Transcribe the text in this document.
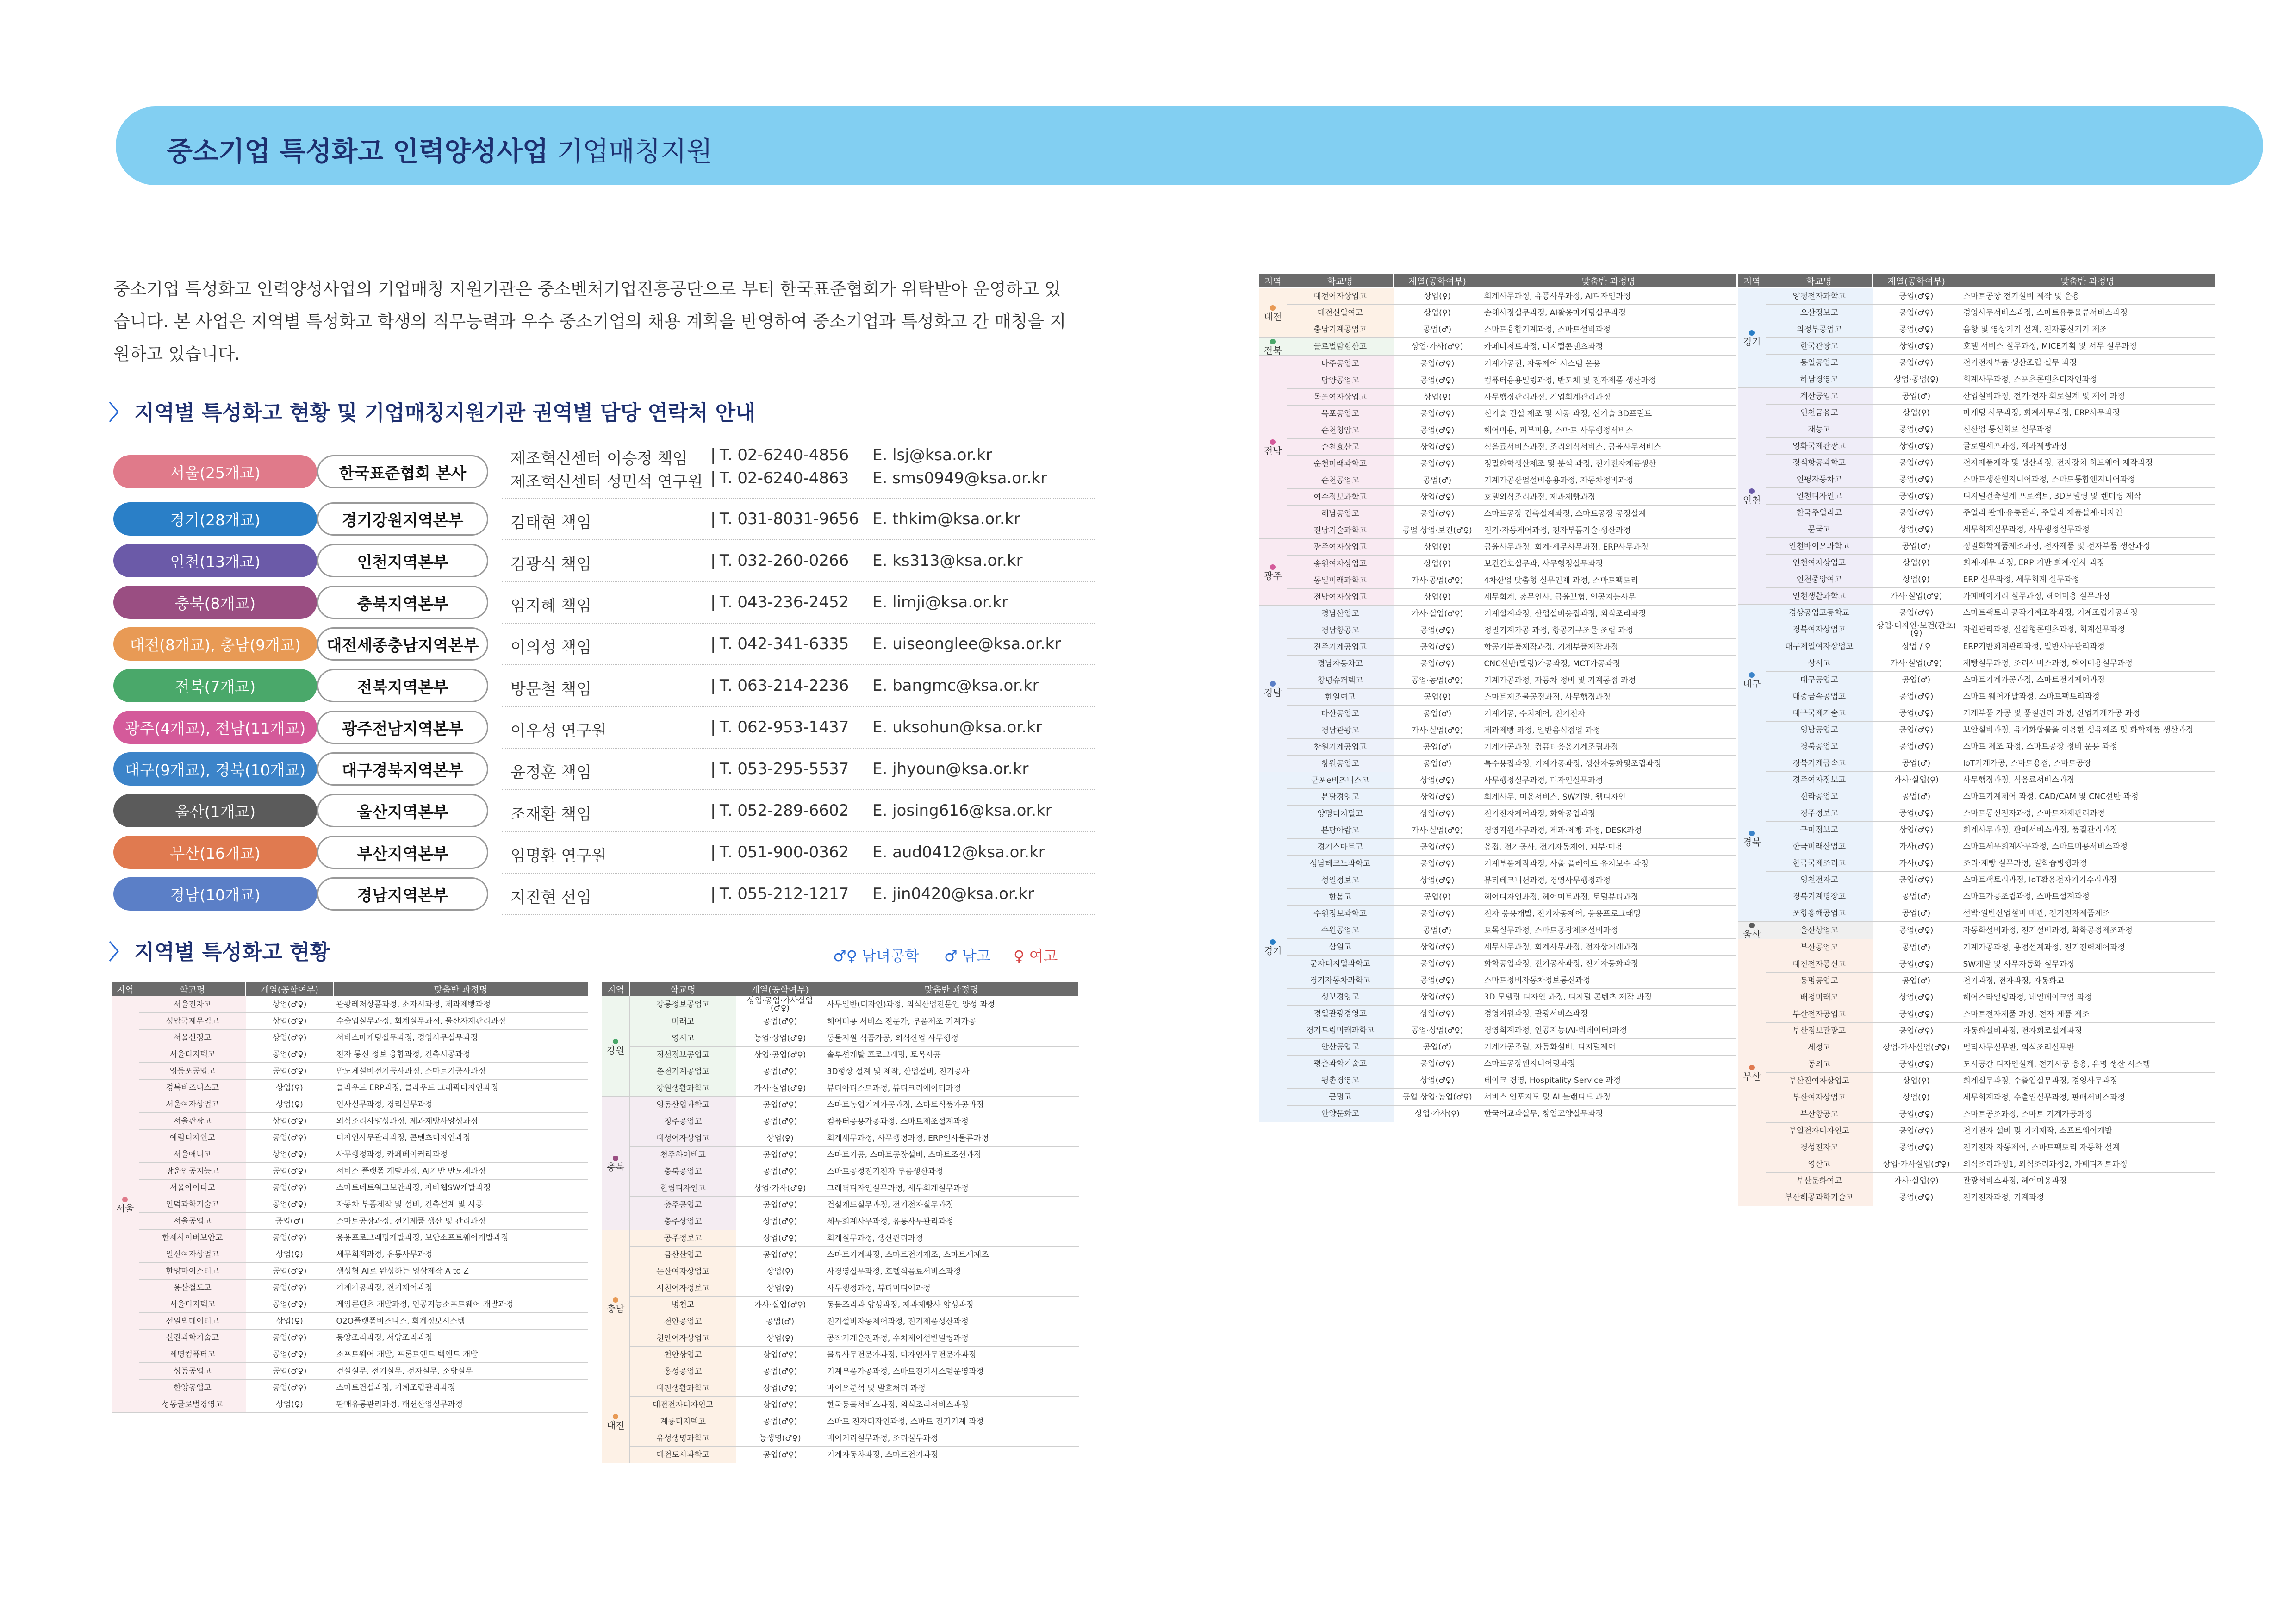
중소기업 특성화고 인력양성사업 기업매칭지원
중소기업 특성화고 인력양성사업의 기업매칭 지원기관은 중소벤처기업진흥공단으로 부터 한국표준협회가 위탁받아 운영하고 있습니다. 본 사업은 지역별 특성화고 학생의 직무능력과 우수 중소기업의 채용 계획을 반영하여 중소기업과 특성화고 간 매칭을 지원하고 있습니다.
〉 지역별 특성화고 현황 및 기업매칭지원기관 권역별 담당 연락처 안내
서울(25개교)	한국표준협회 본사
제조혁신센터 이승정 책임 | T. 02-6240-4856 E. lsj@ksa.or.kr
제조혁신센터 성민석 연구원 | T. 02-6240-4863 E. sms0949@ksa.or.kr
경기(28개교)	경기강원지역본부	김태현 책임	| T. 031-8031-9656 E. thkim@ksa.or.kr
인천(13개교)	인천지역본부	김광식 책임	| T. 032-260-0266 E. ks313@ksa.or.kr
충북(8개교)	충북지역본부	임지혜 책임	| T. 043-236-2452 E. limji@ksa.or.kr
대전(8개교), 충남(9개교)	대전세종충남지역본부	이의성 책임	| T. 042-341-6335 E. uiseonglee@ksa.or.kr
전북(7개교)	전북지역본부	방문철 책임	| T. 063-214-2236 E. bangmc@ksa.or.kr
광주(4개교), 전남(11개교)	광주전남지역본부	이우성 연구원	| T. 062-953-1437 E. uksohun@ksa.or.kr
대구(9개교), 경북(10개교)	대구경북지역본부	윤정훈 책임	| T. 053-295-5537 E. jhyoun@ksa.or.kr
울산(1개교)	울산지역본부	조재환 책임	| T. 052-289-6602 E. josing616@ksa.or.kr
부산(16개교)	부산지역본부	임명환 연구원	| T. 051-900-0362 E. aud0412@ksa.or.kr
경남(10개교)	경남지역본부	지진현 선임	| T. 055-212-1217 E. jin0420@ksa.or.kr
〉 지역별 특성화고 현황	♂♀ 남녀공학 ♂ 남고 ♀ 여고
지역	학교명	계열(공학여부)	맞춤반 과정명

서울	서울전자고	상업(♂♀)	관광레저상품과정, 소자시과정, 제과제빵과정
	성암국제무역고	상업(♂♀)	수출입실무과정, 회계실무과정, 물산자재관리과정
	서울신정고	상업(♂♀)	서비스마케팅실무과정, 경영사무실무과정
	서울디지텍고	공업(♂♀)	전자 통신 정보 융합과정, 건축시공과정
	영등포공업고	공업(♂♀)	반도체설비전기공사과정, 스마트기공사과정
	경복비즈니스고	상업(♀)	클라우드 ERP과정, 클라우드 그래픽디자인과정
	서울여자상업고	상업(♀)	인사실무과정, 경리실무과정
	서울관광고	상업(♂♀)	외식조리사양성과정, 제과제빵사양성과정
	예림디자인고	공업(♂♀)	디자인사무관리과정, 콘텐츠디자인과정
	서울애니고	상업(♂♀)	사무행정과정, 카페베이커리과정
	광운인공지능고	공업(♂♀)	서비스 플랫폼 개발과정, AI기반 반도체과정
	서울아이티고	공업(♂♀)	스마트네트워크보안과정, 자바웹SW개발과정
	인덕과학기술고	공업(♂♀)	자동차 부품제작 및 설비, 건축설계 및 시공
	서울공업고	공업(♂)	스마트공장과정, 전기제품 생산 및 관리과정
	한세사이버보안고	공업(♂♀)	응용프로그래밍개발과정, 보안소프트웨어개발과정
	일신여자상업고	상업(♀)	세무회계과정, 유통사무과정
	한양마이스터고	공업(♂♀)	생성형 AI로 완성하는 영상제작 A to Z
	용산철도고	공업(♂♀)	기계가공과정, 전기제어과정
	서울디지텍고	공업(♂♀)	게임콘텐츠 개발과정, 인공지능소프트웨어 개발과정
	선일빅데이터고	상업(♀)	O2O플랫폼비즈니스, 회계정보시스템
	신진과학기술고	공업(♂♀)	동양조리과정, 서양조리과정
	세명컴퓨터고	공업(♂♀)	소프트웨어 개발, 프론트엔드 백엔드 개발
	성동공업고	공업(♂♀)	건설실무, 전기실무, 전자실무, 소방실무
	한양공업고	공업(♂♀)	스마트건설과정, 기계조립관리과정
	성동글로벌경영고	상업(♀)	판매유통관리과정, 패션산업실무과정
지역	학교명	계열(공학여부)	맞춤반 과정명

강원	강릉정보공업고	상업·공업·가사실업(♂♀)	사무일반(디자인)과정, 외식산업전문인 양성 과정
	미래고	공업(♂♀)	헤어미용 서비스 전문가, 부품제조 기계가공
	영서고	농업·상업(♂♀)	동물지원 식품가공, 외식산업 사무행정
	정선정보공업고	상업·공업(♂♀)	솔루션개발 프로그래밍, 토목시공
	춘천기계공업고	공업(♂♀)	3D형상 설계 및 제작, 산업설비, 전기공사
	강원생활과학고	가사·실업(♂♀)	뷰티아티스트과정, 뷰티크리에이터과정

충북	영동산업과학고	공업(♂♀)	스마트농업기계가공과정, 스마트식품가공과정
	청주공업고	공업(♂♀)	컴퓨터응용가공과정, 스마트제조설계과정
	대성여자상업고	상업(♀)	회계세무과정, 사무행정과정, ERP인사물류과정
	청주하이텍고	공업(♂♀)	스마트기공, 스마트공장설비, 스마트조선과정
	충북공업고	공업(♂♀)	스마트공정전기전자 부품생산과정
	한림디자인고	상업·가사(♂♀)	그래픽디자인실무과정, 세무회계실무과정
	충주공업고	공업(♂♀)	건설계드실무과정, 전기전자실무과정
	충주상업고	상업(♂♀)	세무회계사무과정, 유통사무관리과정

충남	공주정보고	상업(♂♀)	회계실무과정, 생산관리과정
	금산산업고	공업(♂♀)	스마트기계과정, 스마트전기제조, 스마트새제조
	논산여자상업고	상업(♀)	사경영실무과정, 호텔식음료서비스과정
	서천여자정보고	상업(♀)	사무행정과정, 뷰티미디어과정
	병천고	가사·실업(♂♀)	동물조리과 양성과정, 제과제빵사 양성과정
	천안공업고	공업(♂)	전기설비자동제어과정, 전기제품생산과정
	천안여자상업고	상업(♀)	공작기계운전과정, 수치제어선반밀링과정
	천안상업고	상업(♂♀)	물류사무전문가과정, 디자인사무전문가과정
	홍성공업고	공업(♂♀)	기계부품가공과정, 스마트전기시스템운영과정

대전	대전생활과학고	상업(♂♀)	바이오분석 및 발효처리 과정
	대전전자디자인고	상업(♂♀)	한국동물서비스과정, 외식조리서비스과정
	계룡디지텍고	공업(♂♀)	스마트 전자디자인과정, 스마트 전기기계 과정
	유성생명과학고	농생명(♂♀)	베이커리실무과정, 조리실무과정
	대전도시과학고	공업(♂♀)	기계자동차과정, 스마트전기과정
지역	학교명	계열(공학여부)	맞춤반 과정명

대전	대전여자상업고	상업(♀)	회계사무과정, 유통사무과정, AI디자인과정
	대전신일여고	상업(♀)	손해사정실무과정, AI활용마케팅실무과정
	충남기계공업고	공업(♂)	스마트융합기계과정, 스마트설비과정

전북	글로벌탐험산고	상업·가사(♂♀)	카페디저트과정, 디지털콘텐츠과정

전남	나주공업고	공업(♂♀)	기계가공전, 자동제어 시스템 운용
	담양공업고	공업(♂♀)	컴퓨터응용밀링과정, 반도체 및 전자제품 생산과정
	목포여자상업고	상업(♀)	사무행정관리과정, 기업회계관리과정
	목포공업고	공업(♂♀)	신기술 건설 제조 및 시공 과정, 신기술 3D프린트
	순천청암고	공업(♂♀)	헤어미용, 피부미용, 스마트 사무행정서비스
	순천효산고	상업(♂♀)	식음료서비스과정, 조리외식서비스, 금융사무서비스
	순천미래과학고	공업(♂♀)	정밀화학생산제조 및 분석 과정, 전기전자제품생산
	순천공업고	공업(♂)	기계가공산업설비응용과정, 자동차정비과정
	여수정보과학고	상업(♂♀)	호텔외식조리과정, 제과제빵과정
	해남공업고	공업(♂♀)	스마트공장 건축설계과정, 스마트공장 공정설계
	전남기술과학고	공업·상업·보건(♂♀)	전기·자동제어과정, 전자부품기술·생산과정

광주	광주여자상업고	상업(♀)	금융사무과정, 회계·세무사무과정, ERP사무과정
	송원여자상업고	상업(♀)	보건간호실무과, 사무행정실무과정
	동일미래과학고	가사·공업(♂♀)	4차산업 맞춤형 실무인재 과정, 스마트팩토리
	전남여자상업고	상업(♀)	세무회계, 총무인사, 금융보험, 인공지능사무

경남	경남산업고	가사·실업(♂♀)	기계설계과정, 산업설비응접과정, 외식조리과정
	경남항공고	공업(♂♀)	정밀기계가공 과정, 항공기구조물 조립 과정
	진주기계공업고	공업(♂♀)	항공기부품제작과정, 기계부품제작과정
	경남자동차고	공업(♂♀)	CNC선반(밀링)가공과정, MCT가공과정
	창녕슈퍼텍고	공업·농업(♂♀)	기계가공과정, 자동차 정비 및 기계동점 과정
	한일여고	공업(♀)	스마트제조물공정과정, 사무행정과정
	마산공업고	공업(♂)	기계기공, 수치제어, 전기전자
	경남관광고	가사·실업(♂♀)	제과제빵 과정, 일반음식점업 과정
	창원기계공업고	공업(♂)	기계가공과정, 컴퓨터응용기계조립과정
	창원공업고	공업(♂)	특수용접과정, 기계가공과정, 생산자동화및조립과정

경기	군포e비즈니스고	상업(♂♀)	사무행정실무과정, 디자인실무과정
	분당경영고	상업(♂♀)	회계사무, 미용서비스, SW개발, 웹디자인
	양명디지털고	상업(♂♀)	전기전자제어과정, 화학공업과정
	분당아람고	가사·실업(♂♀)	경영지원사무과정, 제과·제빵 과정, DESK과정
	경기스마트고	공업(♂♀)	용접, 전기공사, 전기자동제어, 피부·미용
	성남테크노과학고	공업(♂♀)	기계부품제작과정, 사출 플레이트 유지보수 과정
	성일정보고	상업(♂♀)	뷰티테크니션과정, 경영사무행정과정
	한봄고	공업(♀)	헤어디자인과정, 헤어미트과정, 토털뷰티과정
	수원정보과학고	공업(♂♀)	전자 응용개발, 전기자동제어, 응용프로그래밍
	수원공업고	공업(♂)	토목실무과정, 스마트공장제조설비과정
	삼일고	상업(♂♀)	세무사무과정, 회계사무과정, 전자상거래과정
	군자디지털과학고	공업(♂♀)	화학공업과정, 전기공사과정, 전기자동화과정
	경기자동차과학고	공업(♂♀)	스마트정비자동차정보통신과정
	성보경영고	상업(♂♀)	3D 모델링 디자인 과정, 디지털 콘텐츠 제작 과정
	경일관광경영고	상업(♂♀)	경영지원과정, 관광서비스과정
	경기드림미래과학고	공업·상업(♂♀)	경영회계과정, 인공지능(AI·빅데이터)과정
	안산공업고	공업(♂)	기계가공조립, 자동화설비, 디지털제어
	평촌과학기술고	공업(♂♀)	스마트공장엔지니어링과정
	평촌경영고	상업(♂♀)	테이크 경영, Hospitality Service 과정
	근명고	공업·상업·농업(♂♀)	서비스 인포지도 및 AI 블랜디드 과정
	안양문화고	상업·가사(♀)	한국어교과실무, 창업교양실무과정
지역	학교명	계열(공학여부)	맞춤반 과정명

경기	양평전자과학고	공업(♂♀)	스마트공장 전기설비 제작 및 운용
	오산정보고	공업(♂♀)	경영사무서비스과정, 스마트유통물류서비스과정
	의정부공업고	공업(♂♀)	음향 및 영상기기 설계, 전자통신기기 제조
	한국관광고	상업(♂♀)	호텔 서비스 실무과정, MICE기획 및 서무 실무과정
	동일공업고	공업(♂♀)	전기전자부품 생산조립 실무 과정
	하남경영고	상업·공업(♀)	회계사무과정, 스포츠콘텐츠디자인과정

인천	계산공업고	공업(♂)	산업설비과정, 전기·전자 회로설계 및 제어 과정
	인천금융고	상업(♀)	마케팅 사무과정, 회계사무과정, ERP사무과정
	재능고	공업(♂♀)	신산업 통신회로 실무과정
	영화국제관광고	상업(♂♀)	글로벌세프과정, 제과제빵과정
	정석항공과학고	공업(♂♀)	전자제품제작 및 생산과정, 전자장치 하드웨어 제작과정
	인평자동차고	공업(♂♀)	스마트생산엔지니어과정, 스마트통합엔지니어과정
	인천디자인고	공업(♂♀)	디지털건축설계 프로젝트, 3D모델링 및 렌더링 제작
	한국주얼리고	공업(♂♀)	주얼리 판매·유통관리, 주얼리 제품설계·디자인
	문국고	상업(♂♀)	세무회계실무과정, 사무행정실무과정
	인천바이오과학고	공업(♂)	정밀화학제품제조과정, 전자제품 및 전자부품 생산과정
	인천여자상업고	상업(♀)	회계·세무 과정, ERP 기반 회계·인사 과정
	인천중앙여고	상업(♀)	ERP 실무과정, 세무회계 실무과정
	인천생활과학고	가사·실업(♂♀)	카페베이커리 실무과정, 헤어미용 실무과정

대구	경상공업고등학교	공업(♂♀)	스마트팩토리 공작기계조작과정, 기계조립가공과정
	경북여자상업고	상업·디자인·보건(간호)(♀)	자원관리과정, 실감형콘텐츠과정, 회계실무과정
	대구제일여자상업고	상업 / ♀	ERP기반회계관리과정, 일반사무관리과정
	상서고	가사·실업(♂♀)	제빵실무과정, 조리서비스과정, 헤어미용실무과정
	대구공업고	공업(♂)	스마트기계가공과정, 스마트전기제어과정
	대중금속공업고	공업(♂♀)	스마트 웨어개발과정, 스마트팩토리과정
	대구국제기술고	공업(♂♀)	기계부품 가공 및 품질관리 과정, 산업기계가공 과정
	영남공업고	공업(♂♀)	보안설비과정, 유기화합물을 이용한 섬유제조 및 화학제품 생산과정
	경북공업고	공업(♂♀)	스마트 제조 과정, 스마트공장 정비 운용 과정

경북	경북기계금속고	공업(♂)	IoT기계가공, 스마트용접, 스마트공장
	경주여자정보고	가사·실업(♀)	사무행정과정, 식음료서비스과정
	신라공업고	공업(♂)	스마트기계제어 과정, CAD/CAM 및 CNC선반 과정
	경주정보고	공업(♂♀)	스마트통신전자과정, 스마트자재관리과정
	구미정보고	상업(♂♀)	회계사무과정, 판매서비스과정, 품질관리과정
	한국미래산업고	가사(♂♀)	스마트세무회계사무과정, 스마트미용서비스과정
	한국국제조리고	가사(♂♀)	조리·제빵 실무과정, 일학습병행과정
	영천전자고	공업(♂♀)	스마트팩토리과정, IoT활용전자기기수리과정
	경북기계명장고	공업(♂)	스마트가공조립과정, 스마트설계과정
	포항흥해공업고	공업(♂)	선박·일반산업설비 배관, 전기전자제품제조

울산	울산상업고	공업(♂♀)	자동화설비과정, 전기설비과정, 화학공정제조과정

부산	부산공업고	공업(♂)	기계가공과정, 용접설계과정, 전기전력제어과정
	대진전자통신고	공업(♂♀)	SW개발 및 사무자동화 실무과정
	동명공업고	공업(♂)	전기과정, 전자과정, 자동화교
	배정미래고	상업(♂♀)	헤어스타일링과정, 네일메이크업 과정
	부산전자공업고	공업(♂♀)	스마트전자제품 과정, 전자 제품 제조
	부산정보관광고	공업(♂♀)	자동화설비과정, 전자회로설계과정
	세정고	상업·가사실업(♂♀)	멀티사무실무반, 외식조리실무반
	동의고	공업(♂♀)	도시공간 디자인설계, 전기시공 응용, 유명 생산 시스템
	부산진여자상업고	상업(♀)	회계실무과정, 수출입실무과정, 경영사무과정
	부산여자상업고	상업(♀)	세무회계과정, 수출입실무과정, 판매서비스과정
	부산항공고	공업(♂♀)	스마트공조과정, 스마트 기계가공과정
	부일전자디자인고	공업(♂♀)	전기전자 설비 및 기기제작, 소프트웨어개발
	경성전자고	공업(♂♀)	전기전자 자동제어, 스마트팩토리 자동화 설계
	영산고	상업·가사실업(♂♀)	외식조리과정1, 외식조리과정2, 카페디저트과정
	부산문화여고	가사·실업(♀)	관광서비스과정, 헤어미용과정
	부산해공과학기술고	공업(♂♀)	전기전자과정, 기계과정
